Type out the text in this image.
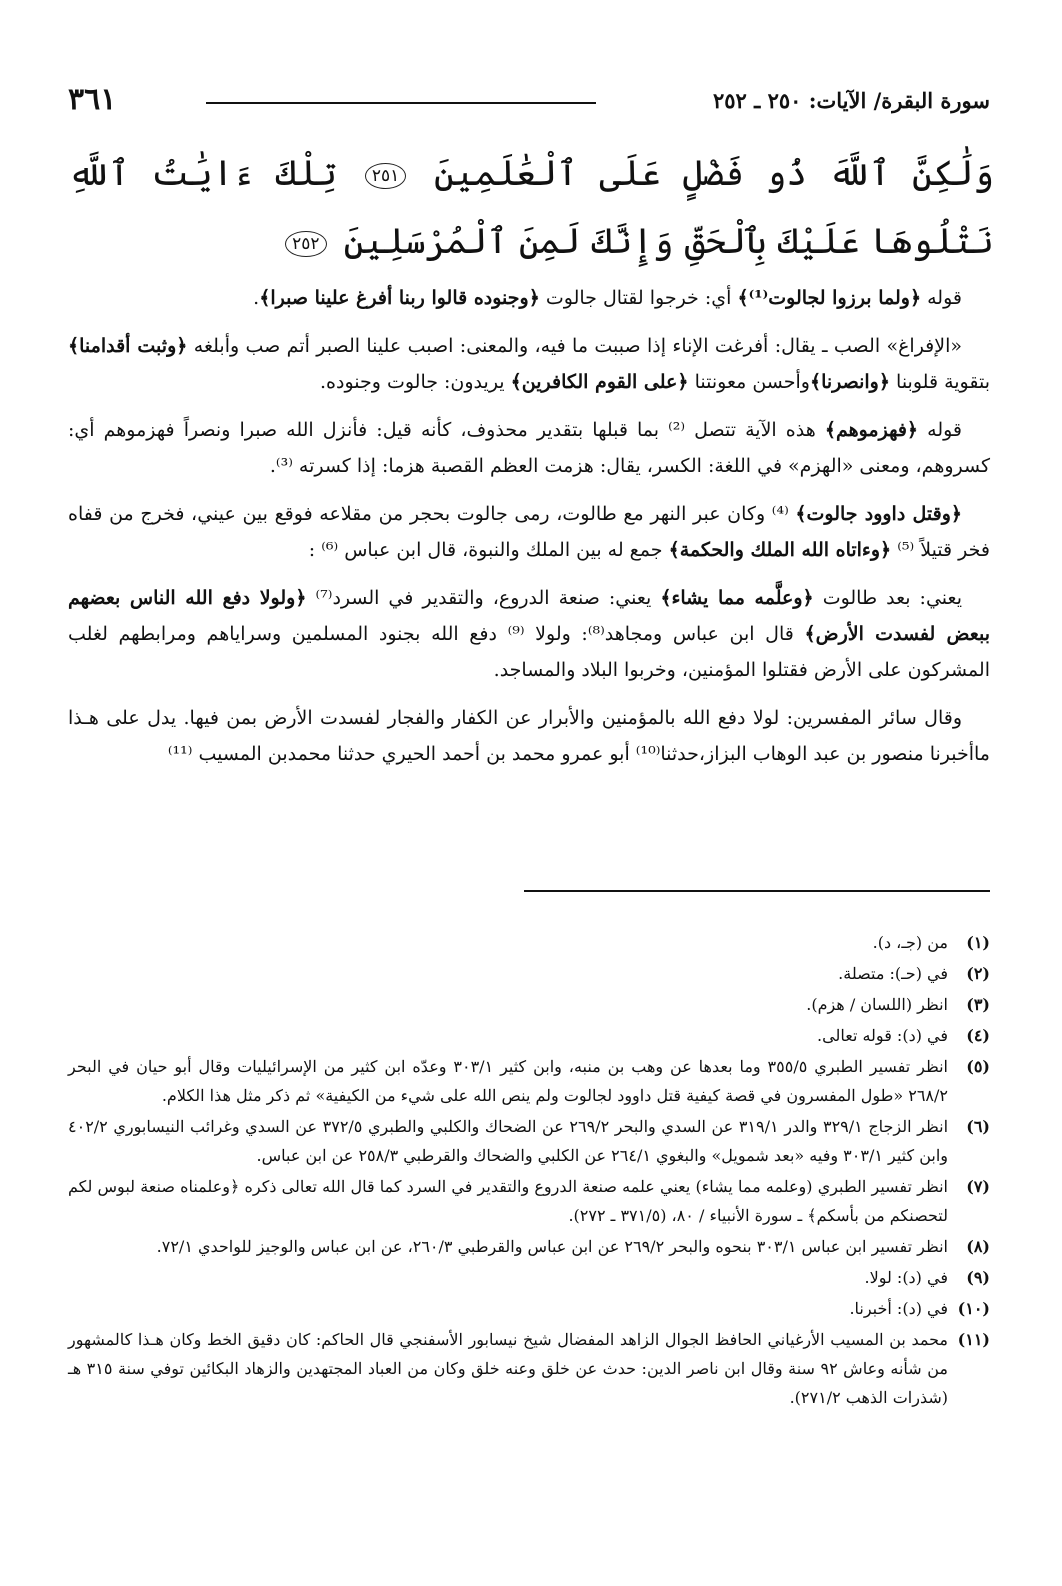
سورة البقرة/ الآيات: ٢٥٠ ـ ٢٥٢
٣٦١
وَلَٰكِنَّ ٱللَّهَ ذُو فَضْلٍ عَلَى ٱلْعَٰلَمِينَ ٢٥١ تِلْكَ ءَايَٰتُ ٱللَّهِ نَتْلُوهَا عَلَيْكَ بِٱلْحَقِّ وَإِنَّكَ لَمِنَ ٱلْمُرْسَلِينَ ٢٥٢

قوله ﴿ولما برزوا لجالوت⁽¹⁾﴾ أي: خرجوا لقتال جالوت ﴿وجنوده قالوا ربنا أفرغ علينا صبرا﴾.

«الإفراغ» الصب ـ يقال: أفرغت الإناء إذا صببت ما فيه، والمعنى: اصبب علينا الصبر أتم صب وأبلغه ﴿وثبت أقدامنا﴾ بتقوية قلوبنا ﴿وانصرنا﴾وأحسن معونتنا ﴿على القوم الكافرين﴾ يريدون: جالوت وجنوده.

قوله ﴿فهزموهم﴾ هذه الآية تتصل ⁽²⁾ بما قبلها بتقدير محذوف، كأنه قيل: فأنزل الله صبرا ونصراً فهزموهم أي: كسروهم، ومعنى «الهزم» في اللغة: الكسر، يقال: هزمت العظم القصبة هزما: إذا كسرته ⁽³⁾.

﴿وقتل داوود جالوت﴾ ⁽⁴⁾ وكان عبر النهر مع طالوت، رمى جالوت بحجر من مقلاعه فوقع بين عيني، فخرج من قفاه فخر قتيلاً ⁽⁵⁾ ﴿وءاتاه الله الملك والحكمة﴾ جمع له بين الملك والنبوة، قال ابن عباس ⁽⁶⁾ :

يعني: بعد طالوت ﴿وعلَّمه مما يشاء﴾ يعني: صنعة الدروع، والتقدير في السرد⁽⁷⁾ ﴿ولولا دفع الله الناس بعضهم ببعض لفسدت الأرض﴾ قال ابن عباس ومجاهد⁽⁸⁾: ولولا ⁽⁹⁾ دفع الله بجنود المسلمين وسراياهم ومرابطهم لغلب المشركون على الأرض فقتلوا المؤمنين، وخربوا البلاد والمساجد.

وقال سائر المفسرين: لولا دفع الله بالمؤمنين والأبرار عن الكفار والفجار لفسدت الأرض بمن فيها. يدل على هـذا ماأخبرنا منصور بن عبد الوهاب البزاز،حدثنا⁽¹⁰⁾ أبو عمرو محمد بن أحمد الحيري حدثنا محمدبن المسيب ⁽¹¹⁾

(١)
من (جـ، د).
(٢)
في (حـ): متصلة.
(٣)
انظر (اللسان / هزم).
(٤)
في (د): قوله تعالى.
(٥)
انظر تفسير الطبري ٣٥٥/٥ وما بعدها عن وهب بن منبه، وابن كثير ٣٠٣/١ وعدّه ابن كثير من الإسرائيليات وقال أبو حيان في البحر ٢٦٨/٢ «طول المفسرون في قصة كيفية قتل داوود لجالوت ولم ينص الله على شيء من الكيفية» ثم ذكر مثل هذا الكلام.
(٦)
انظر الزجاج ٣٢٩/١ والدر ٣١٩/١ عن السدي والبحر ٢٦٩/٢ عن الضحاك والكلبي والطبري ٣٧٢/٥ عن السدي وغرائب النيسابوري ٤٠٢/٢ وابن كثير ٣٠٣/١ وفيه «بعد شمويل» والبغوي ٢٦٤/١ عن الكلبي والضحاك والقرطبي ٢٥٨/٣ عن ابن عباس.
(٧)
انظر تفسير الطبري (وعلمه مما يشاء) يعني علمه صنعة الدروع والتقدير في السرد كما قال الله تعالى ذكره ﴿وعلمناه صنعة لبوس لكم لتحصنكم من بأسكم﴾ ـ سورة الأنبياء / ٨٠، (٣٧١/٥ ـ ٢٧٢).
(٨)
انظر تفسير ابن عباس ٣٠٣/١ بنحوه والبحر ٢٦٩/٢ عن ابن عباس والقرطبي ٢٦٠/٣، عن ابن عباس والوجيز للواحدي ٧٢/١.
(٩)
في (د): لولا.
(١٠)
في (د): أخبرنا.
(١١)
محمد بن المسيب الأرغياني الحافظ الجوال الزاهد المفضال شيخ نيسابور الأسفنجي قال الحاكم: كان دقيق الخط وكان هـذا كالمشهور من شأنه وعاش ٩٢ سنة وقال ابن ناصر الدين: حدث عن خلق وعنه خلق وكان من العباد المجتهدين والزهاد البكائين توفي سنة ٣١٥ هـ (شذرات الذهب ٢٧١/٢).
